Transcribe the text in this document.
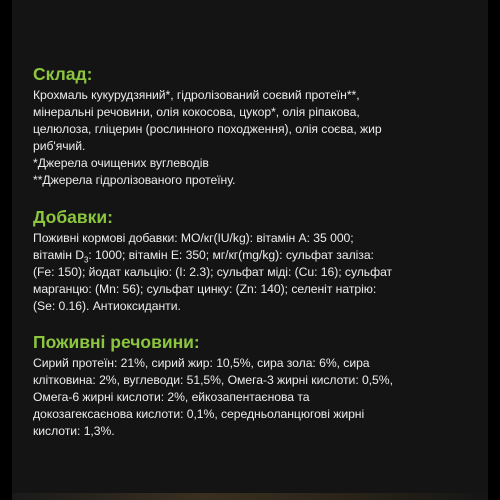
Склад:

Крохмаль кукурудзяний*, гідролізований соєвий протеїн**,
мінеральні речовини, олія кокосова, цукор*, олія ріпакова,
целюлоза, гліцерин (рослинного походження), олія соєва, жир
риб'ячий.
*Джерела очищених вуглеводів
**Джерела гідролізованого протеїну.

Добавки:

Поживні кормові добавки: МО/кг(IU/kg): вітамін A: 35 000;
вітамін $D_3$: 1000; вітамін E: 350; мг/кг(mg/kg): сульфат заліза:
(Fe: 150); йодат кальцію: (I: 2.3); сульфат міді: (Cu: 16); сульфат
марганцю: (Mn: 56); сульфат цинку: (Zn: 140); селеніт натрію:
(Se: 0.16). Антиоксиданти.

Поживні речовини:

Сирий протеїн: 21%, сирий жир: 10,5%, сира зола: 6%, сира
клітковина: 2%, вуглеводи: 51,5%, Омега-3 жирні кислоти: 0,5%,
Омега-6 жирні кислоти: 2%, ейкозапентаєнова та
докозагексаєнова кислоти: 0,1%, середньоланцюгові жирні
кислоти: 1,3%.
